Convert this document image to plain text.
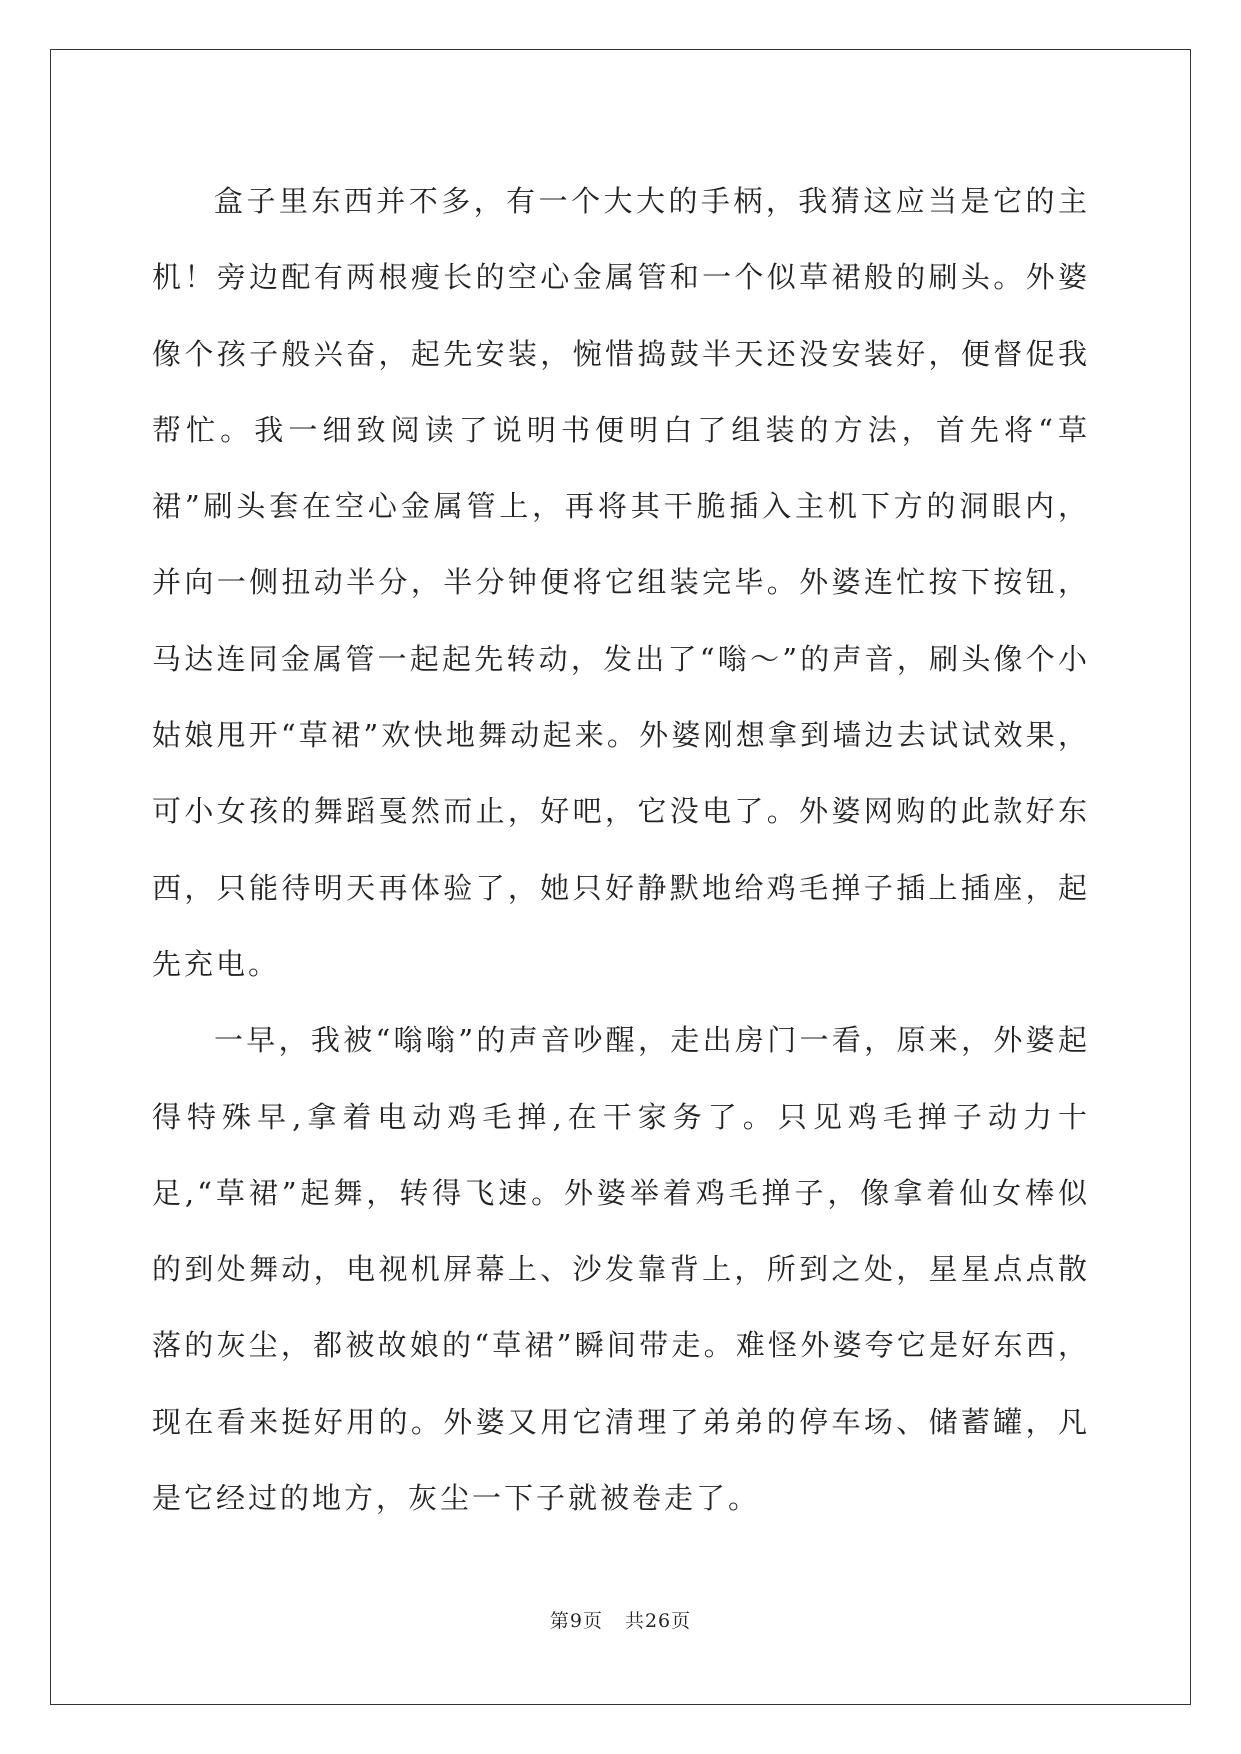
盒子里东西并不多，有一个大大的手柄，我猜这应当是它的主机！旁边配有两根瘦长的空心金属管和一个似草裙般的刷头。外婆像个孩子般兴奋，起先安装，惋惜捣鼓半天还没安装好，便督促我帮忙。我一细致阅读了说明书便明白了组装的方法，首先将“草裙”刷头套在空心金属管上，再将其干脆插入主机下方的洞眼内，并向一侧扭动半分，半分钟便将它组装完毕。外婆连忙按下按钮，马达连同金属管一起起先转动，发出了“嗡～”的声音，刷头像个小姑娘甩开“草裙”欢快地舞动起来。外婆刚想拿到墙边去试试效果，可小女孩的舞蹈戛然而止，好吧，它没电了。外婆网购的此款好东西，只能待明天再体验了，她只好静默地给鸡毛掸子插上插座，起先充电。

一早，我被“嗡嗡”的声音吵醒，走出房门一看，原来，外婆起得特殊早,拿着电动鸡毛掸,在干家务了。只见鸡毛掸子动力十足,“草裙”起舞，转得飞速。外婆举着鸡毛掸子，像拿着仙女棒似的到处舞动，电视机屏幕上、沙发靠背上，所到之处，星星点点散落的灰尘，都被故娘的“草裙”瞬间带走。难怪外婆夸它是好东西，现在看来挺好用的。外婆又用它清理了弟弟的停车场、储蓄罐，凡是它经过的地方，灰尘一下子就被卷走了。

第9页 共26页
